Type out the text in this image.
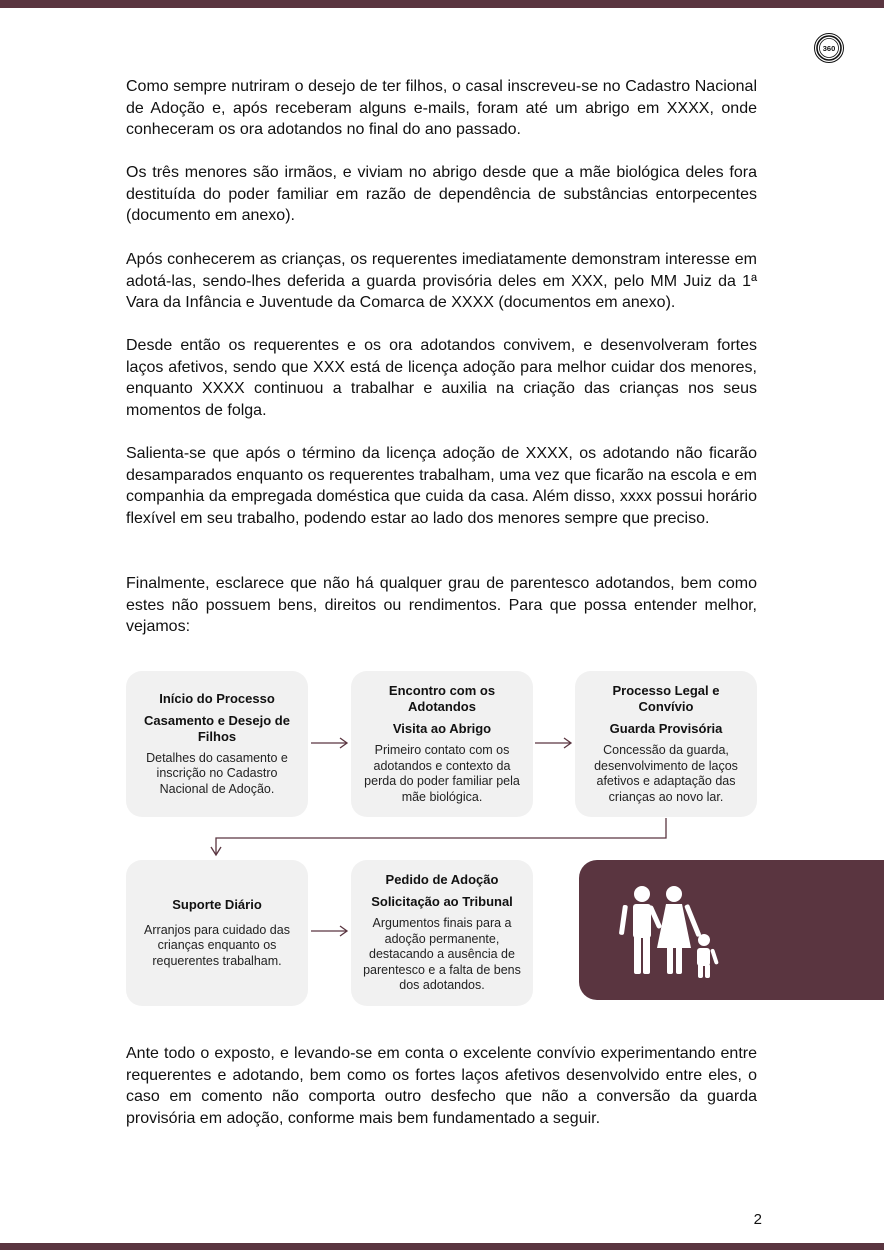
360

Como sempre nutriram o desejo de ter filhos, o casal inscreveu-se no Cadastro Nacional de Adoção e, após receberam alguns e-mails, foram até um abrigo em XXXX, onde conheceram os ora adotandos no final do ano passado.

Os três menores são irmãos, e viviam no abrigo desde que a mãe biológica deles fora destituída do poder familiar em razão de dependência de substâncias entorpecentes (documento em anexo).

Após conhecerem as crianças, os requerentes imediatamente demonstram interesse em adotá-las, sendo-lhes deferida a guarda provisória deles em XXX, pelo MM Juiz da 1ª Vara da Infância e Juventude da Comarca de XXXX (documentos em anexo).

Desde então os requerentes e os ora adotandos convivem, e desenvolveram fortes laços afetivos, sendo que XXX está de licença adoção para melhor cuidar dos menores, enquanto XXXX continuou a trabalhar e auxilia na criação das crianças nos seus momentos de folga.

Salienta-se que após o término da licença adoção de XXXX, os adotando não ficarão desamparados enquanto os requerentes trabalham, uma vez que ficarão na escola e em companhia da empregada doméstica que cuida da casa. Além disso, xxxx possui horário flexível em seu trabalho, podendo estar ao lado dos menores sempre que preciso.

Finalmente, esclarece que não há qualquer grau de parentesco adotandos, bem como estes não possuem bens, direitos ou rendimentos. Para que possa entender melhor, vejamos:

Ante todo o exposto, e levando-se em conta o excelente convívio experimentando entre requerentes e adotando, bem como os fortes laços afetivos desenvolvido entre eles, o caso em comento não comporta outro desfecho que não a conversão da guarda provisória em adoção, conforme mais bem fundamentado a seguir.

Início do Processo
Casamento e Desejo de Filhos
Detalhes do casamento e inscrição no Cadastro Nacional de Adoção.
Encontro com os Adotandos
Visita ao Abrigo
Primeiro contato com os adotandos e contexto da perda do poder familiar pela mãe biológica.
Processo Legal e Convívio
Guarda Provisória
Concessão da guarda, desenvolvimento de laços afetivos e adaptação das crianças ao novo lar.
Suporte Diário
Arranjos para cuidado das crianças enquanto os requerentes trabalham.
Pedido de Adoção
Solicitação ao Tribunal
Argumentos finais para a adoção permanente, destacando a ausência de parentesco e a falta de bens dos adotandos.
2
